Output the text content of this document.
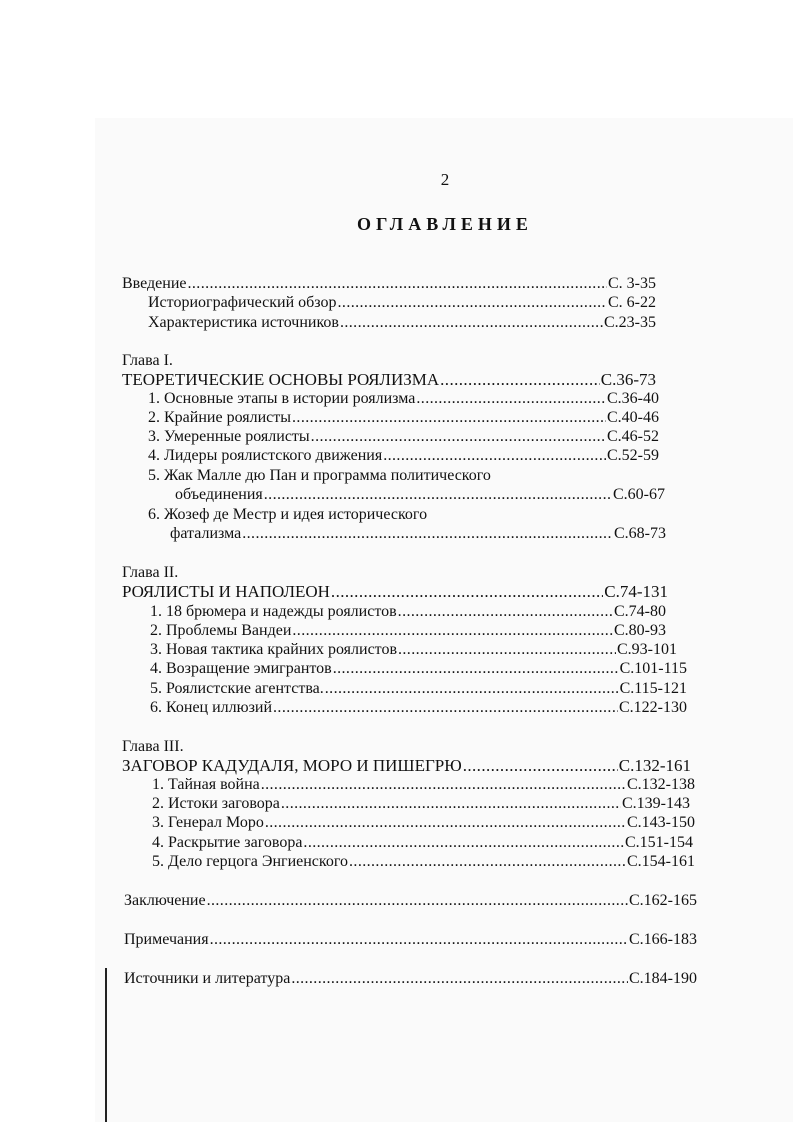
2
ОГЛАВЛЕНИЕ
Введение .....	С. 3-35
Историографический обзор .....	С. 6-22
Характеристика источников .....	С.23-35
Глава I.
ТЕОРЕТИЧЕСКИЕ ОСНОВЫ РОЯЛИЗМА .....	С.36-73
1. Основные этапы в истории роялизма .....	С.36-40
2. Крайние роялисты .....	С.40-46
3. Умеренные роялисты .....	С.46-52
4. Лидеры роялистского движения .....	С.52-59
5. Жак Малле дю Пан и программа политического
объединения .....	С.60-67
6. Жозеф де Местр и идея исторического
фатализма .....	С.68-73
Глава II.
РОЯЛИСТЫ И НАПОЛЕОН .....	С.74-131
1. 18 брюмера и надежды роялистов .....	С.74-80
2. Проблемы Вандеи .....	С.80-93
3. Новая тактика крайних роялистов .....	С.93-101
4. Возращение эмигрантов .....	С.101-115
5. Роялистские агентства. .....	С.115-121
6. Конец иллюзий .....	С.122-130
Глава III.
ЗАГОВОР КАДУДАЛЯ, МОРО И ПИШЕГРЮ .....	С.132-161
1. Тайная война .....	С.132-138
2. Истоки заговора .....	С.139-143
3. Генерал Моро .....	С.143-150
4. Раскрытие заговора .....	С.151-154
5. Дело герцога Энгиенского .....	С.154-161
Заключение .....	С.162-165
Примечания .....	С.166-183
Источники и литература .....	С.184-190
